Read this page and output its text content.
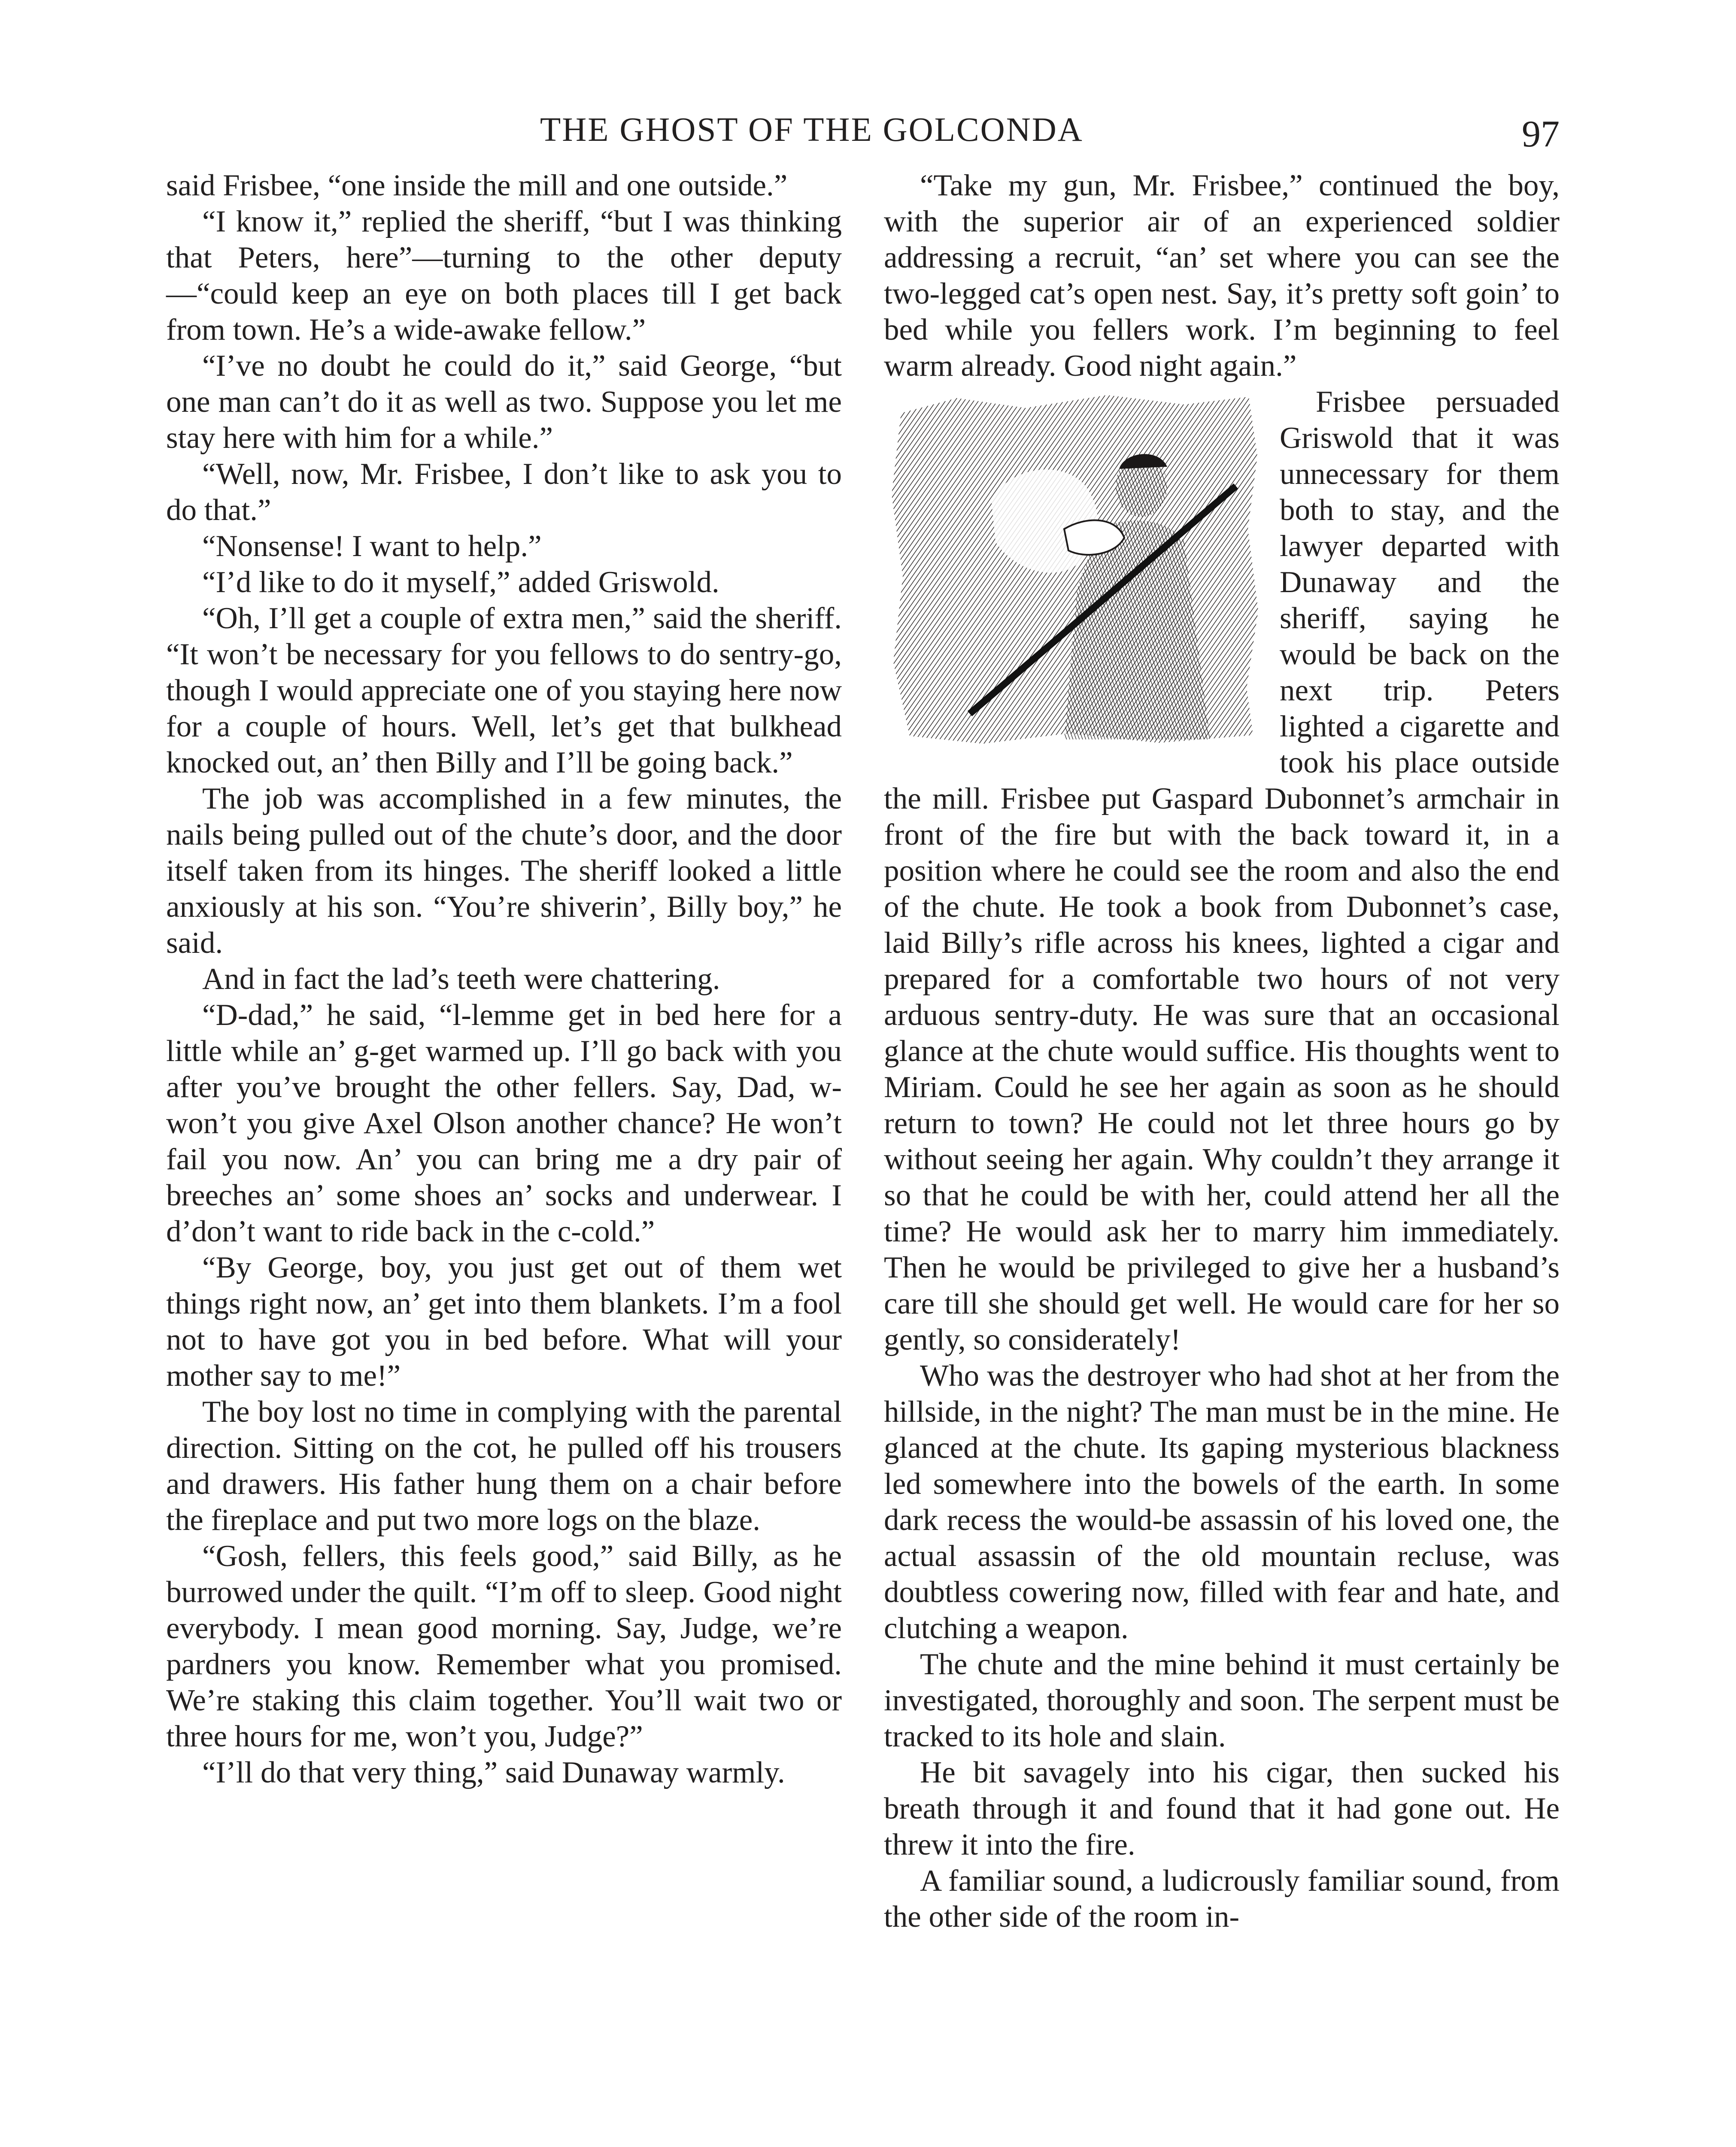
THE GHOST OF THE GOLCONDA	97

said Frisbee, “one inside the mill and one outside.”

“I know it,” replied the sheriff, “but I was thinking that Peters, here”—turning to the other deputy—“could keep an eye on both places till I get back from town. He’s a wide-awake fellow.”

“I’ve no doubt he could do it,” said George, “but one man can’t do it as well as two. Suppose you let me stay here with him for a while.”

“Well, now, Mr. Frisbee, I don’t like to ask you to do that.”

“Nonsense! I want to help.”

“I’d like to do it myself,” added Griswold.

“Oh, I’ll get a couple of extra men,” said the sheriff. “It won’t be necessary for you fellows to do sentry-go, though I would appreciate one of you staying here now for a couple of hours. Well, let’s get that bulkhead knocked out, an’ then Billy and I’ll be going back.”

The job was accomplished in a few minutes, the nails being pulled out of the chute’s door, and the door itself taken from its hinges. The sheriff looked a little anxiously at his son. “You’re shiverin’, Billy boy,” he said.

And in fact the lad’s teeth were chattering.

“D-dad,” he said, “l-lemme get in bed here for a little while an’ g-get warmed up. I’ll go back with you after you’ve brought the other fellers. Say, Dad, w-won’t you give Axel Olson another chance? He won’t fail you now. An’ you can bring me a dry pair of breeches an’ some shoes an’ socks and underwear. I d’don’t want to ride back in the c-cold.”

“By George, boy, you just get out of them wet things right now, an’ get into them blankets. I’m a fool not to have got you in bed before. What will your mother say to me!”

The boy lost no time in complying with the parental direction. Sitting on the cot, he pulled off his trousers and drawers. His father hung them on a chair before the fireplace and put two more logs on the blaze.

“Gosh, fellers, this feels good,” said Billy, as he burrowed under the quilt. “I’m off to sleep. Good night everybody. I mean good morning. Say, Judge, we’re pardners you know. Remember what you promised. We’re staking this claim together. You’ll wait two or three hours for me, won’t you, Judge?”

“I’ll do that very thing,” said Dunaway warmly.

“Take my gun, Mr. Frisbee,” continued the boy, with the superior air of an experienced soldier addressing a recruit, “an’ set where you can see the two-legged cat’s open nest. Say, it’s pretty soft goin’ to bed while you fellers work. I’m beginning to feel warm already. Good night again.”

Frisbee persuaded Griswold that it was unnecessary for them both to stay, and the lawyer departed with Dunaway and the sheriff, saying he would be back on the next trip. Peters lighted a cigarette and took his place outside the mill. Frisbee put Gaspard Dubonnet’s armchair in front of the fire but with the back toward it, in a position where he could see the room and also the end of the chute. He took a book from Dubonnet’s case, laid Billy’s rifle across his knees, lighted a cigar and prepared for a comfortable two hours of not very arduous sentry-duty. He was sure that an occasional glance at the chute would suffice. His thoughts went to Miriam. Could he see her again as soon as he should return to town? He could not let three hours go by without seeing her again. Why couldn’t they arrange it so that he could be with her, could attend her all the time? He would ask her to marry him immediately. Then he would be privileged to give her a husband’s care till she should get well. He would care for her so gently, so considerately!

Who was the destroyer who had shot at her from the hillside, in the night? The man must be in the mine. He glanced at the chute. Its gaping mysterious blackness led somewhere into the bowels of the earth. In some dark recess the would-be assassin of his loved one, the actual assassin of the old mountain recluse, was doubtless cowering now, filled with fear and hate, and clutching a weapon.

The chute and the mine behind it must certainly be investigated, thoroughly and soon. The serpent must be tracked to its hole and slain.

He bit savagely into his cigar, then sucked his breath through it and found that it had gone out. He threw it into the fire.

A familiar sound, a ludicrously familiar sound, from the other side of the room in-
